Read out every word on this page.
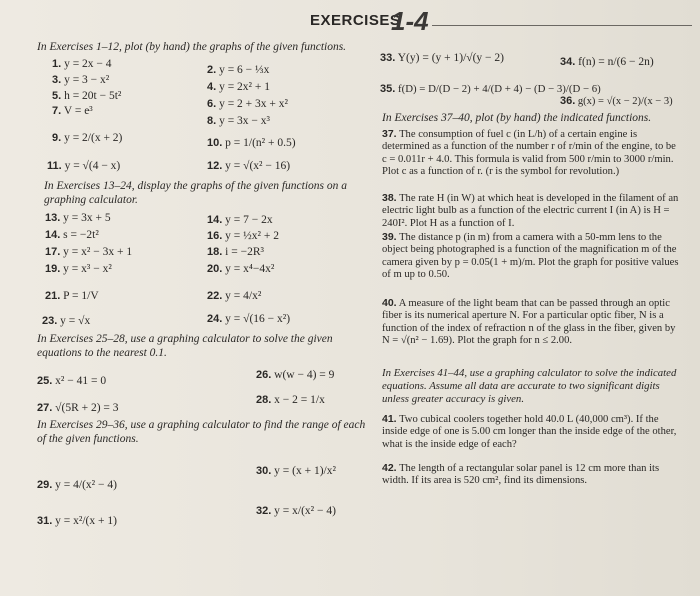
EXERCISES
1-4
In Exercises 1–12, plot (by hand) the graphs of the given functions.
1. y = 2x − 4	2. y = 6 − ⅓x
3. y = 3 − x²
4. y = 2x² + 1
5. h = 20t − 5t²
6. y = 2 + 3x + x²
7. V = e³
8. y = 3x − x³
9. y = 2/(x + 2)	10. p = 1/(n² + 0.5)
11. y = √(4 − x)	12. y = √(x² − 16)
In Exercises 13–24, display the graphs of the given functions on a graphing calculator.
13. y = 3x + 5	14. y = 7 − 2x
14. s = −2t²	16. y = ½x² + 2
17. y = x² − 3x + 1	18. i = −2R³
19. y = x³ − x²	20. y = x⁴−4x²
21. P = 1/V	22. y = 4/x²
23. y = √x	24. y = √(16 − x²)
In Exercises 25–28, use a graphing calculator to solve the given equations to the nearest 0.1.
25. x² − 41 = 0	26. w(w − 4) = 9
27. √(5R + 2) = 3
28. x − 2 = 1/x
In Exercises 29–36, use a graphing calculator to find the range of each of the given functions.
29. y = 4/(x² − 4)
30. y = (x + 1)/x²
31. y = x²/(x + 1)
32. y = x/(x² − 4)
33. Y(y) = (y + 1)/√(y − 2)	34. f(n) = n/(6 − 2n)
35. f(D) = D/(D − 2) + 4/(D + 4) − (D − 3)/(D − 6)
36. g(x) = √(x − 2)/(x − 3)
In Exercises 37–40, plot (by hand) the indicated functions.
37. The consumption of fuel c (in L/h) of a certain engine is determined as a function of the number r of r/min of the engine, to be c = 0.011r + 4.0. This formula is valid from 500 r/min to 3000 r/min. Plot c as a function of r. (r is the symbol for revolution.)
38. The rate H (in W) at which heat is developed in the filament of an electric light bulb as a function of the electric current I (in A) is H = 240I². Plot H as a function of I.
39. The distance p (in m) from a camera with a 50-mm lens to the object being photographed is a function of the magnification m of the camera given by p = 0.05(1 + m)/m. Plot the graph for positive values of m up to 0.50.
40. A measure of the light beam that can be passed through an optic fiber is its numerical aperture N. For a particular optic fiber, N is a function of the index of refraction n of the glass in the fiber, given by N = √(n² − 1.69). Plot the graph for n ≤ 2.00.
In Exercises 41–44, use a graphing calculator to solve the indicated equations. Assume all data are accurate to two significant digits unless greater accuracy is given.
41. Two cubical coolers together hold 40.0 L (40,000 cm³). If the inside edge of one is 5.00 cm longer than the inside edge of the other, what is the inside edge of each?
42. The length of a rectangular solar panel is 12 cm more than its width. If its area is 520 cm², find its dimensions.
